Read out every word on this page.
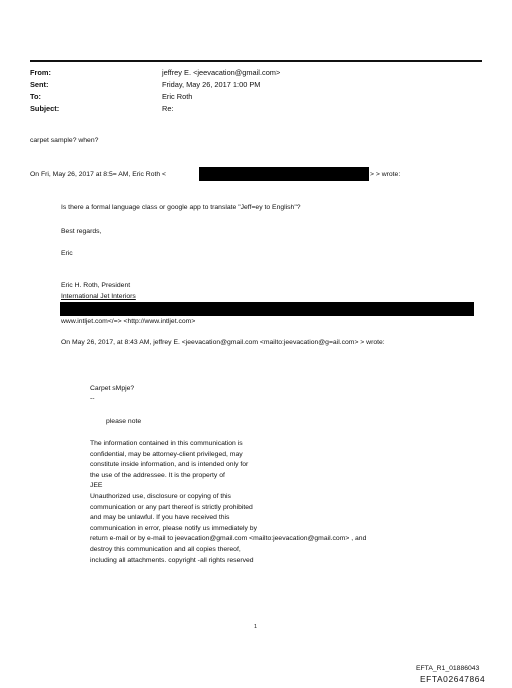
From:	jeffrey E. <jeevacation@gmail.com>
Sent:	Friday, May 26, 2017 1:00 PM
To:	Eric Roth
Subject:	Re:
carpet sample? when?
On Fri, May 26, 2017 at 8:5= AM, Eric Roth <	> > wrote:
Is there a formal language class or google app to translate "Jeff=ey to English"?
Best regards,
Eric
Eric H. Roth, President
International Jet Interiors
www.intljet.com</=> <http://www.intljet.com>
On May 26, 2017, at 8:43 AM, jeffrey E. <jeevacation@gmail.com <mailto:jeevacation@g=ail.com> > wrote:
Carpet sMpje?
--
please note
The information contained in this communication is
confidential, may be attorney-client privileged, may
constitute inside information, and is intended only for
the use of the addressee. It is the property of
JEE
Unauthorized use, disclosure or copying of this
communication or any part thereof is strictly prohibited
and may be unlawful. If you have received this
communication in error, please notify us immediately by
return e-mail or by e-mail to jeevacation@gmail.com <mailto:jeevacation@gmail.com> , and
destroy this communication and all copies thereof,
including all attachments. copyright -all rights reserved
1
EFTA_R1_01886043
EFTA02647864
